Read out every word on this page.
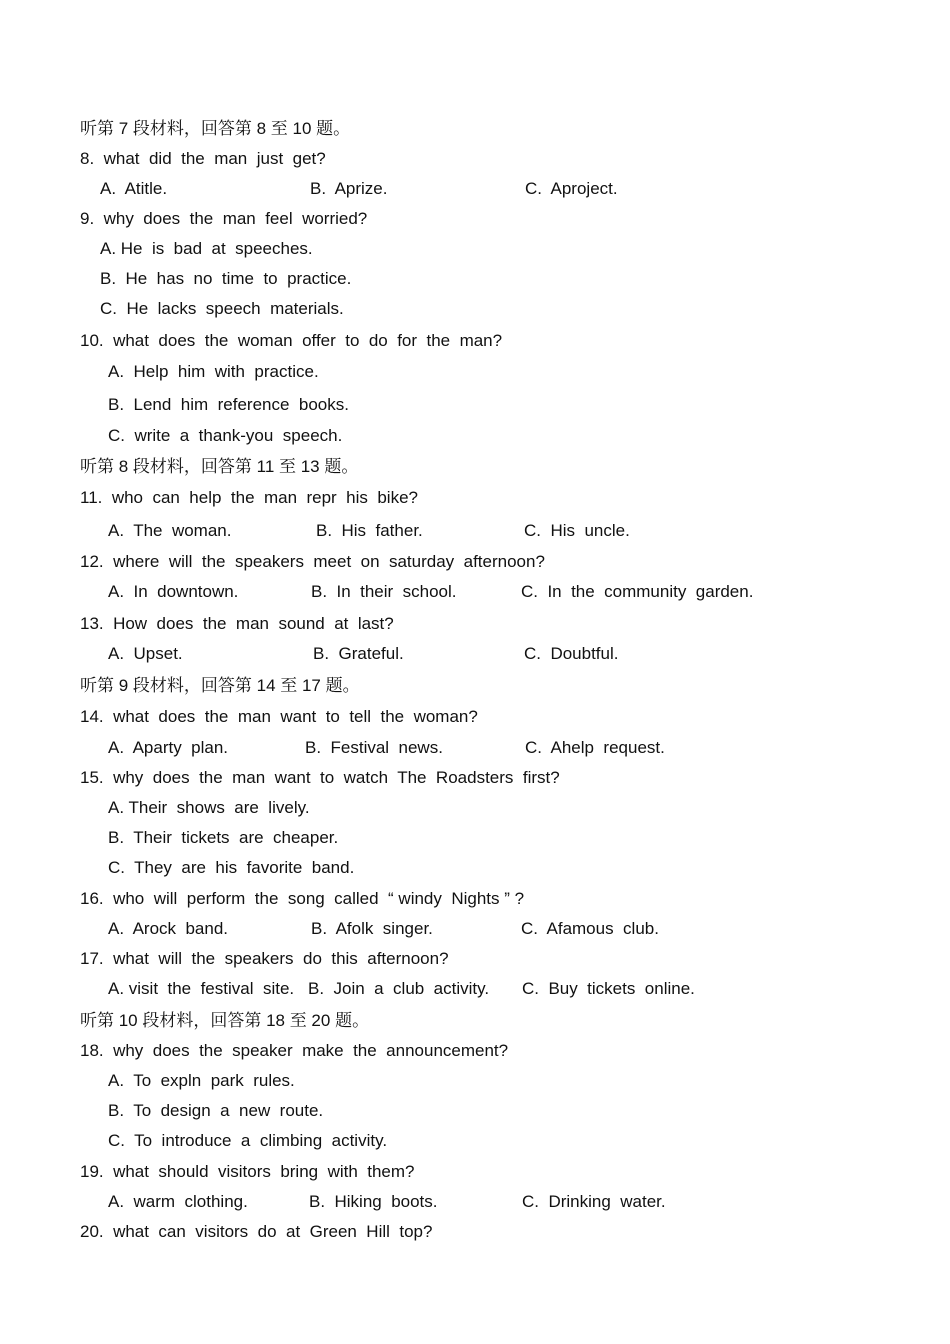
听第 7 段材料，回答第 8 至 10 题。
8.  what  did  the  man  just  get?
A.  Atitle.	B.  Aprize.	C.  Aproject.
9.  why  does  the  man  feel  worried?
A. He  is  bad  at  speeches.
B.  He  has  no  time  to  practice.
C.  He  lacks  speech  materials.
10.  what  does  the  woman  offer  to  do  for  the  man?
A.  Help  him  with  practice.
B.  Lend  him  reference  books.
C.  write  a  thank-you  speech.
听第 8 段材料，回答第 11 至 13 题。
11.  who  can  help  the  man  repr  his  bike?
A.  The  woman.	B.  His  father.	C.  His  uncle.
12.  where  will  the  speakers  meet  on  saturday  afternoon?
A.  In  downtown.	B.  In  their  school.	C.  In  the  community  garden.
13.  How  does  the  man  sound  at  last?
A.  Upset.	B.  Grateful.	C.  Doubtful.
听第 9 段材料，回答第 14 至 17 题。
14.  what  does  the  man  want  to  tell  the  woman?
A.  Aparty  plan.	B.  Festival  news.	C.  Ahelp  request.
15.  why  does  the  man  want  to  watch  The  Roadsters  first?
A. Their  shows  are  lively.
B.  Their  tickets  are  cheaper.
C.  They  are  his  favorite  band.
16.  who  will  perform  the  song  called  “ windy  Nights ” ?
A.  Arock  band.	B.  Afolk  singer.	C.  Afamous  club.
17.  what  will  the  speakers  do  this  afternoon?
A. visit  the  festival  site. B.  Join  a  club  activity. C.  Buy  tickets  online.
听第 10 段材料，回答第 18 至 20 题。
18.  why  does  the  speaker  make  the  announcement?
A.  To  expln  park  rules.
B.  To  design  a  new  route.
C.  To  introduce  a  climbing  activity.
19.  what  should  visitors  bring  with  them?
A.  warm  clothing.	B.  Hiking  boots.	C.  Drinking  water.
20.  what  can  visitors  do  at  Green  Hill  top?
